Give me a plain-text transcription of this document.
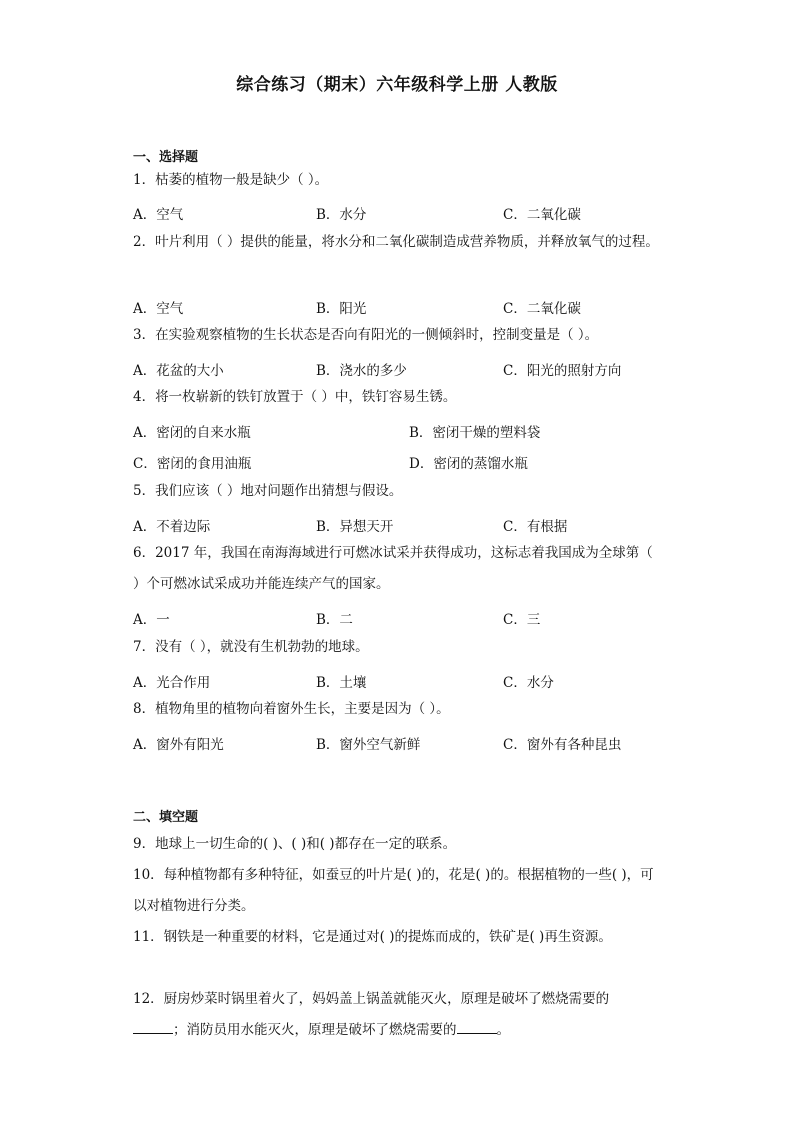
综合练习（期末）六年级科学上册 人教版
一、选择题
1．枯萎的植物一般是缺少（ ）。
A．空气	B．水分	C．二氧化碳
2．叶片利用（ ）提供的能量，将水分和二氧化碳制造成营养物质，并释放氧气的过程。
A．空气	B．阳光	C．二氧化碳
3．在实验观察植物的生长状态是否向有阳光的一侧倾斜时，控制变量是（ ）。
A．花盆的大小	B．浇水的多少	C．阳光的照射方向
4．将一枚崭新的铁钉放置于（ ）中，铁钉容易生锈。
A．密闭的自来水瓶	B．密闭干燥的塑料袋
C．密闭的食用油瓶	D．密闭的蒸馏水瓶
5．我们应该（ ）地对问题作出猜想与假设。
A．不着边际	B．异想天开	C．有根据
6．2017 年，我国在南海海域进行可燃冰试采并获得成功，这标志着我国成为全球第（ ）个可燃冰试采成功并能连续产气的国家。
A．一	B．二	C．三
7．没有（ ），就没有生机勃勃的地球。
A．光合作用	B．土壤	C．水分
8．植物角里的植物向着窗外生长，主要是因为（ ）。
A．窗外有阳光	B．窗外空气新鲜	C．窗外有各种昆虫
二、填空题
9．地球上一切生命的( )、( )和( )都存在一定的联系。
10．每种植物都有多种特征，如蚕豆的叶片是( )的，花是( )的。根据植物的一些( )，可以对植物进行分类。
11．钢铁是一种重要的材料，它是通过对( )的提炼而成的，铁矿是( )再生资源。
12．厨房炒菜时锅里着火了，妈妈盖上锅盖就能灭火，原理是破坏了燃烧需要的
；消防员用水能灭火，原理是破坏了燃烧需要的	。
